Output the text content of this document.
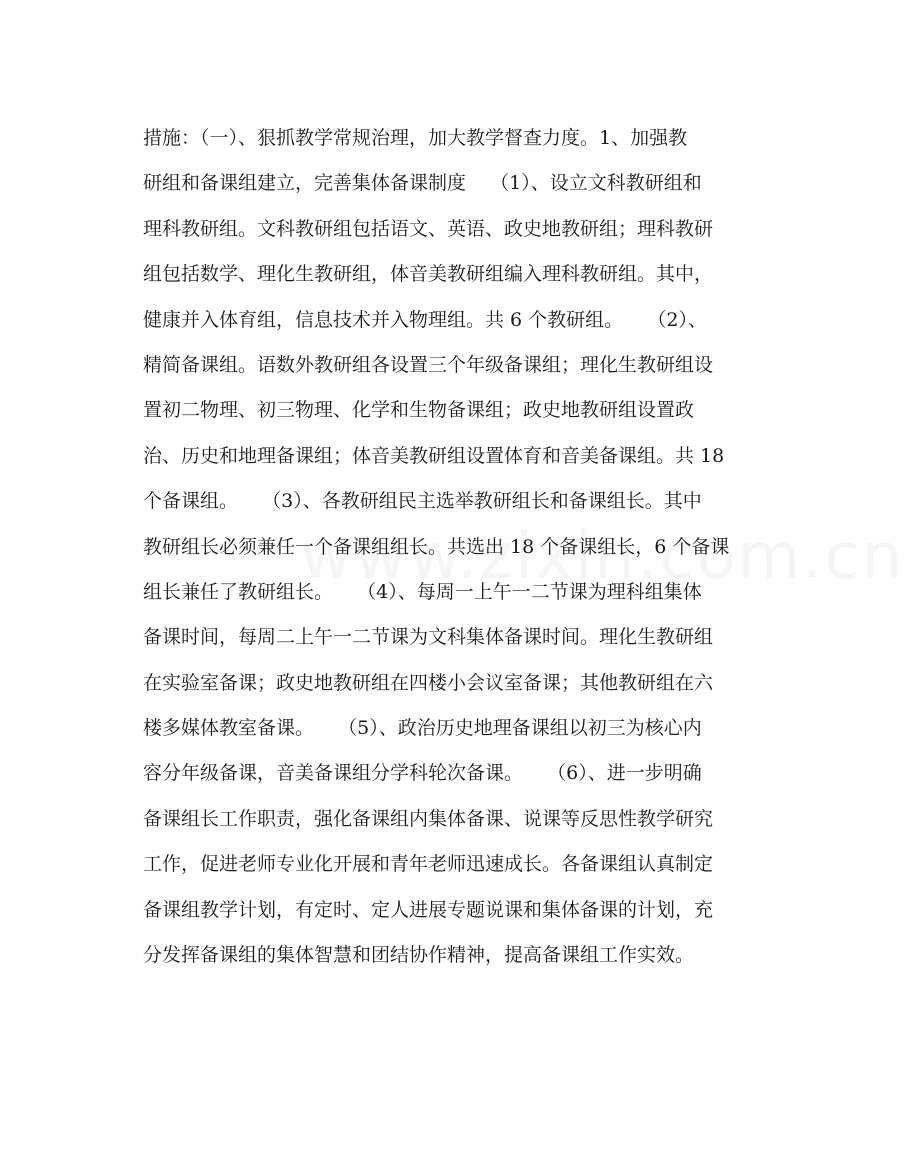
措施：（一）、狠抓教学常规治理，加大教学督查力度。1、加强教
研组和备课组建立，完善集体备课制度    （1）、设立文科教研组和
理科教研组。文科教研组包括语文、英语、政史地教研组；理科教研
组包括数学、理化生教研组，体音美教研组编入理科教研组。其中，
健康并入体育组，信息技术并入物理组。共 6 个教研组。    （2）、
精简备课组。语数外教研组各设置三个年级备课组；理化生教研组设
置初二物理、初三物理、化学和生物备课组；政史地教研组设置政
治、历史和地理备课组；体音美教研组设置体育和音美备课组。共 18
个备课组。    （3）、各教研组民主选举教研组长和备课组长。其中
教研组长必须兼任一个备课组组长。共选出 18 个备课组长，6 个备课
组长兼任了教研组长。    （4）、每周一上午一二节课为理科组集体
备课时间，每周二上午一二节课为文科集体备课时间。理化生教研组
在实验室备课；政史地教研组在四楼小会议室备课；其他教研组在六
楼多媒体教室备课。    （5）、政治历史地理备课组以初三为核心内
容分年级备课，音美备课组分学科轮次备课。    （6）、进一步明确
备课组长工作职责，强化备课组内集体备课、说课等反思性教学研究
工作，促进老师专业化开展和青年老师迅速成长。各备课组认真制定
备课组教学计划，有定时、定人进展专题说课和集体备课的计划，充
分发挥备课组的集体智慧和团结协作精神，提高备课组工作实效。
